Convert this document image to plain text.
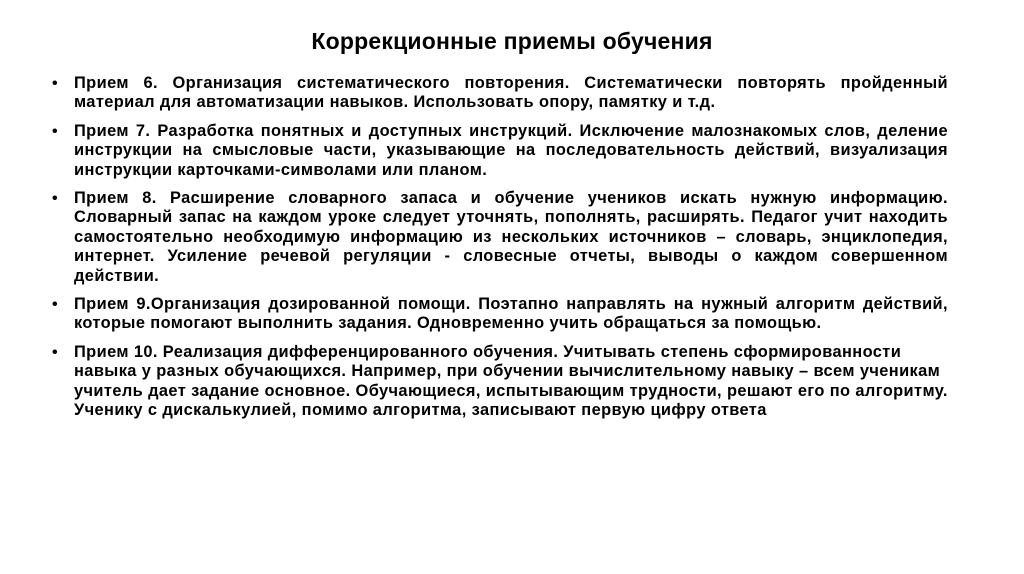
Коррекционные приемы обучения
• Прием 6. Организация систематического повторения. Систематически повторять пройденный материал для автоматизации навыков. Использовать опору, памятку и т.д.
• Прием 7. Разработка понятных и доступных инструкций. Исключение малознакомых слов, деление инструкции на смысловые части, указывающие на последовательность действий, визуализация инструкции карточками-символами или планом.
• Прием 8. Расширение словарного запаса и обучение учеников искать нужную информацию. Словарный запас на каждом уроке следует уточнять, пополнять, расширять. Педагог учит находить самостоятельно необходимую информацию из нескольких источников – словарь, энциклопедия, интернет. Усиление речевой регуляции - словесные отчеты, выводы о каждом совершенном действии.
• Прием 9.Организация дозированной помощи. Поэтапно направлять на нужный алгоритм действий, которые помогают выполнить задания. Одновременно учить обращаться за помощью.
• Прием 10. Реализация дифференцированного обучения. Учитывать степень сформированности навыка у разных обучающихся. Например, при обучении вычислительному навыку – всем ученикам учитель дает задание основное. Обучающиеся, испытывающим трудности, решают его по алгоритму. Ученику с дискалькулией, помимо алгоритма, записывают первую цифру ответа
